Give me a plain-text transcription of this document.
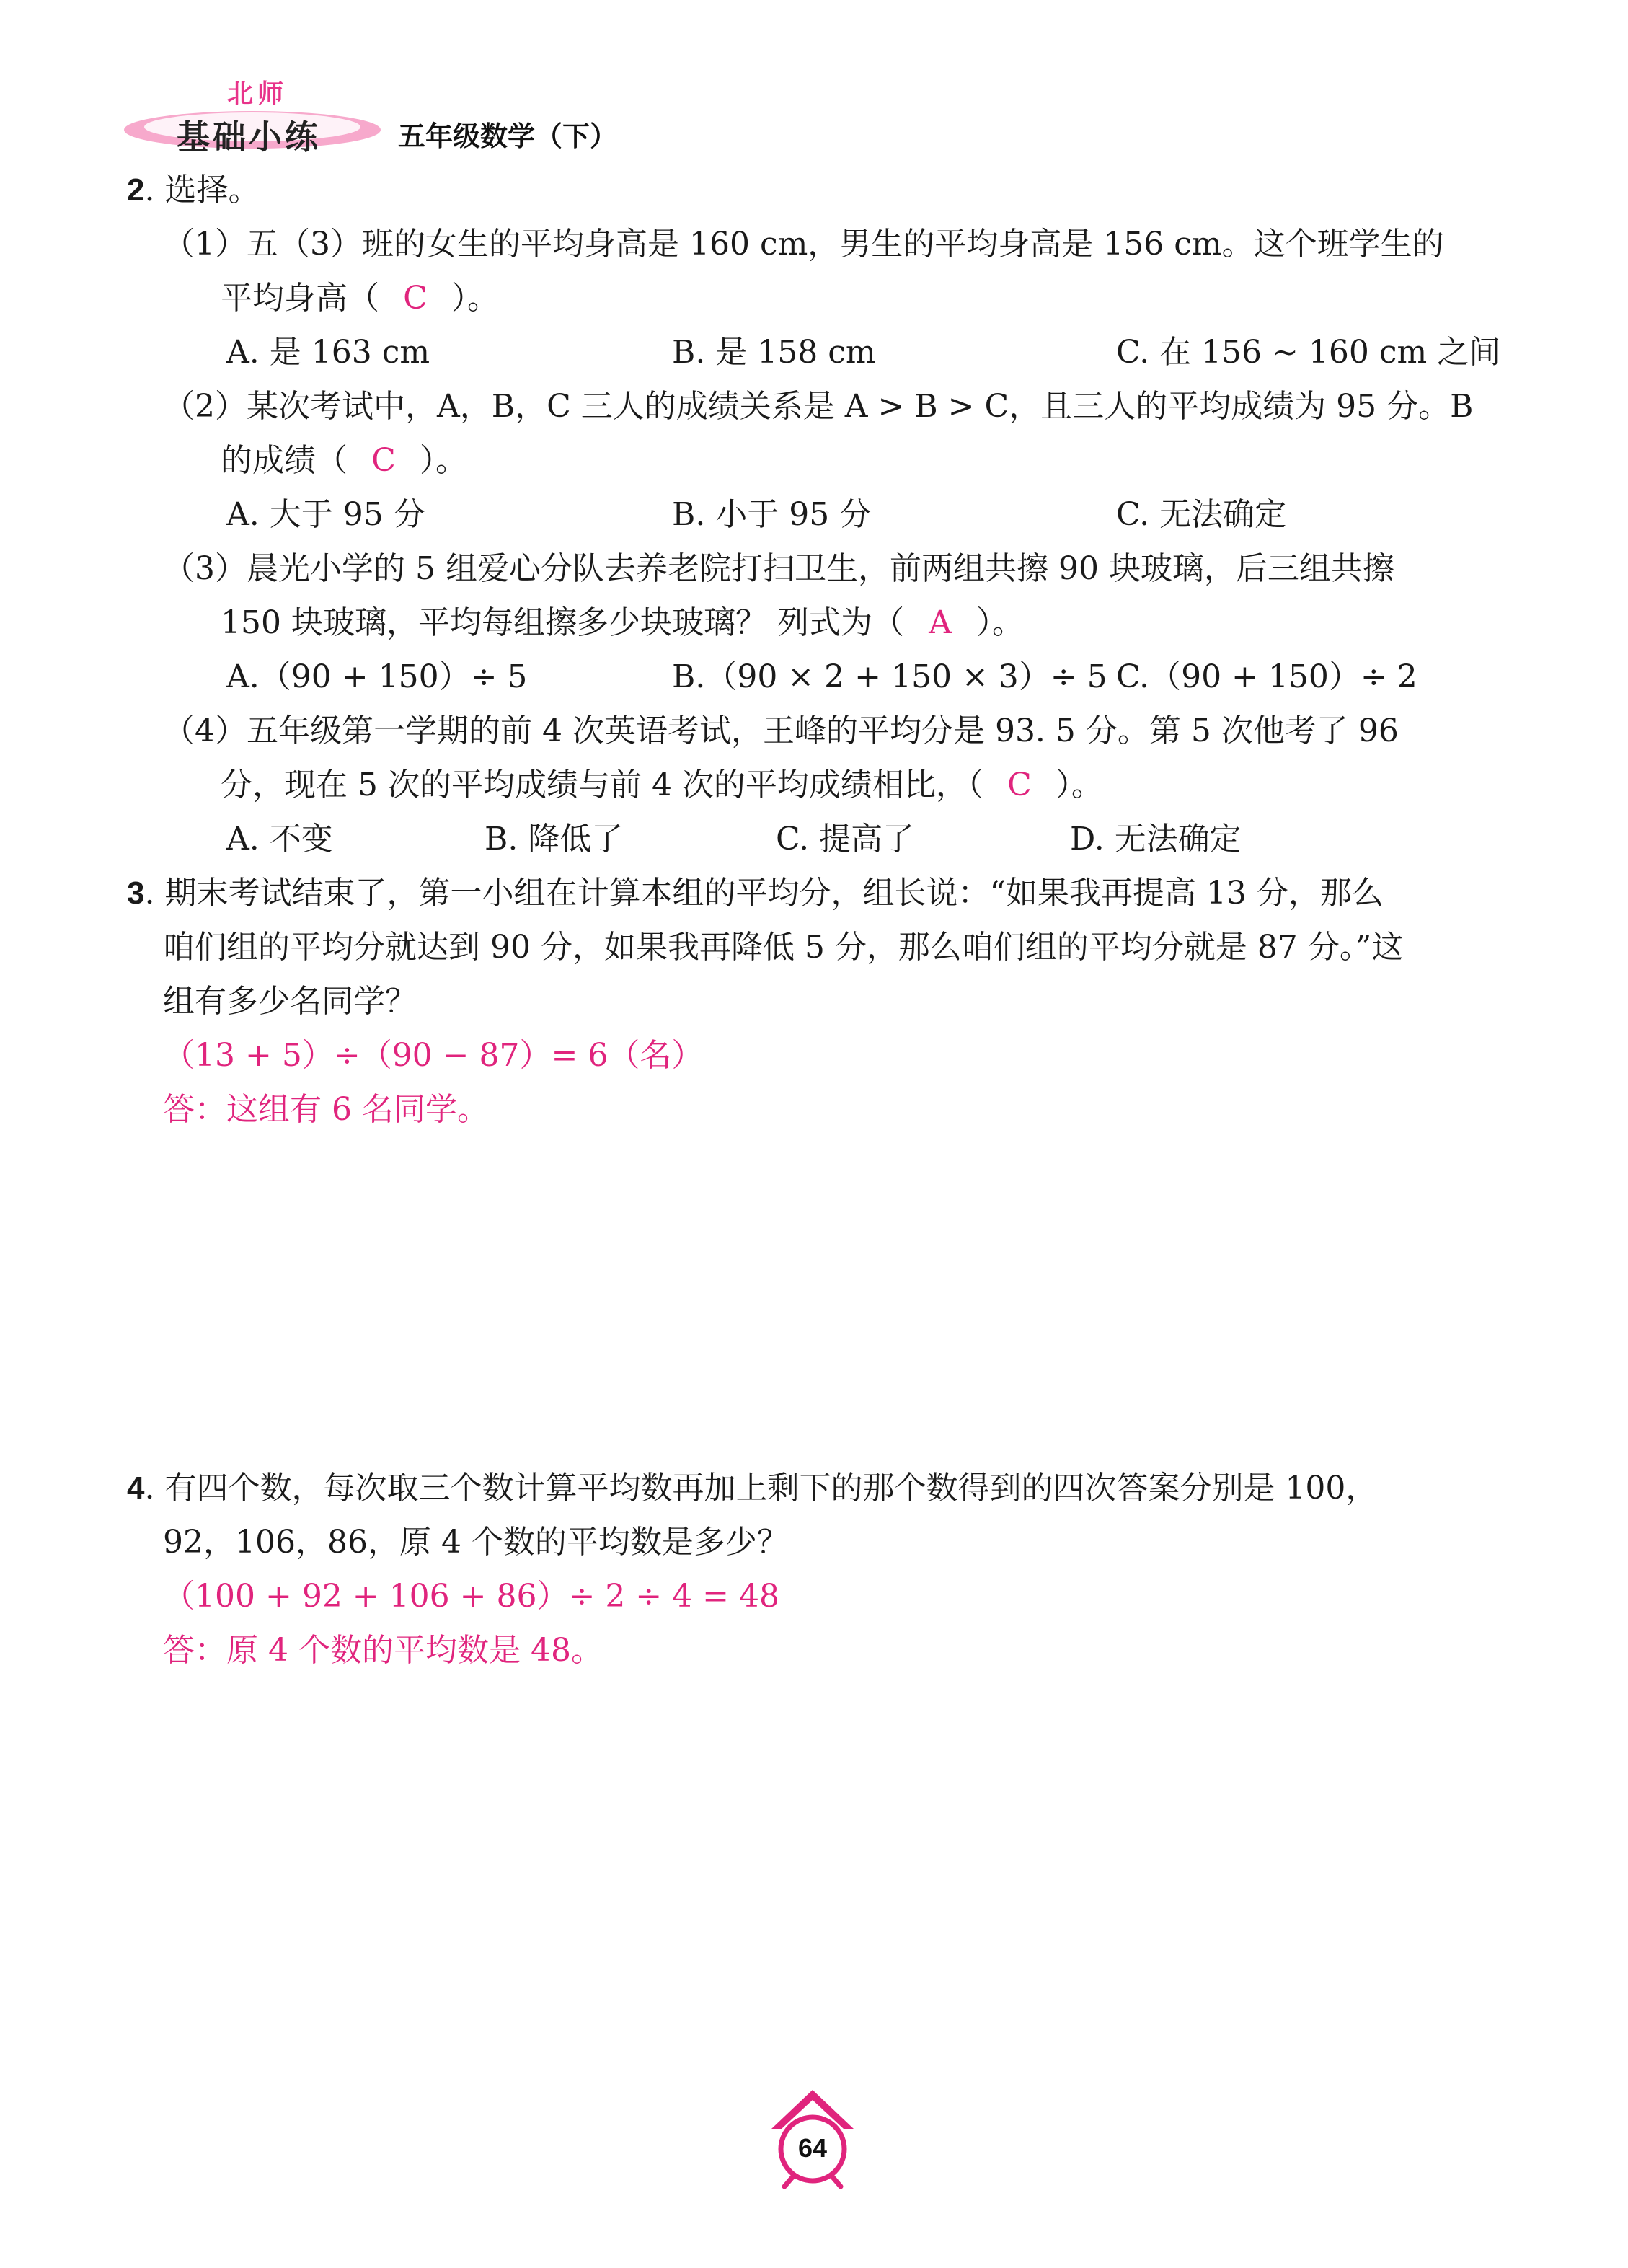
北师
基础小练	五年级数学（下）
2. 选择。
（1）五（3）班的女生的平均身高是 160 cm，男生的平均身高是 156 cm。这个班学生的
平均身高（ C ）。
A. 是 163 cm	B. 是 158 cm	C. 在 156 ~ 160 cm 之间
（2）某次考试中，A，B，C 三人的成绩关系是 A > B > C，且三人的平均成绩为 95 分。B
的成绩（ C ）。
A. 大于 95 分	B. 小于 95 分	C. 无法确定
（3）晨光小学的 5 组爱心分队去养老院打扫卫生，前两组共擦 90 块玻璃，后三组共擦
150 块玻璃，平均每组擦多少块玻璃？ 列式为（ A ）。
A.（90 + 150）÷ 5	B.（90 × 2 + 150 × 3）÷ 5 C.（90 + 150）÷ 2
（4）五年级第一学期的前 4 次英语考试，王峰的平均分是 93. 5 分。第 5 次他考了 96
分，现在 5 次的平均成绩与前 4 次的平均成绩相比，（ C ）。
A. 不变	B. 降低了	C. 提高了	D. 无法确定
3. 期末考试结束了，第一小组在计算本组的平均分，组长说：“如果我再提高 13 分，那么
咱们组的平均分就达到 90 分，如果我再降低 5 分，那么咱们组的平均分就是 87 分。”这
组有多少名同学？
（13 + 5）÷（90 − 87）= 6（名）
答：这组有 6 名同学。
4. 有四个数，每次取三个数计算平均数再加上剩下的那个数得到的四次答案分别是 100，
92，106，86，原 4 个数的平均数是多少？
（100 + 92 + 106 + 86）÷ 2 ÷ 4 = 48
答：原 4 个数的平均数是 48。
64
